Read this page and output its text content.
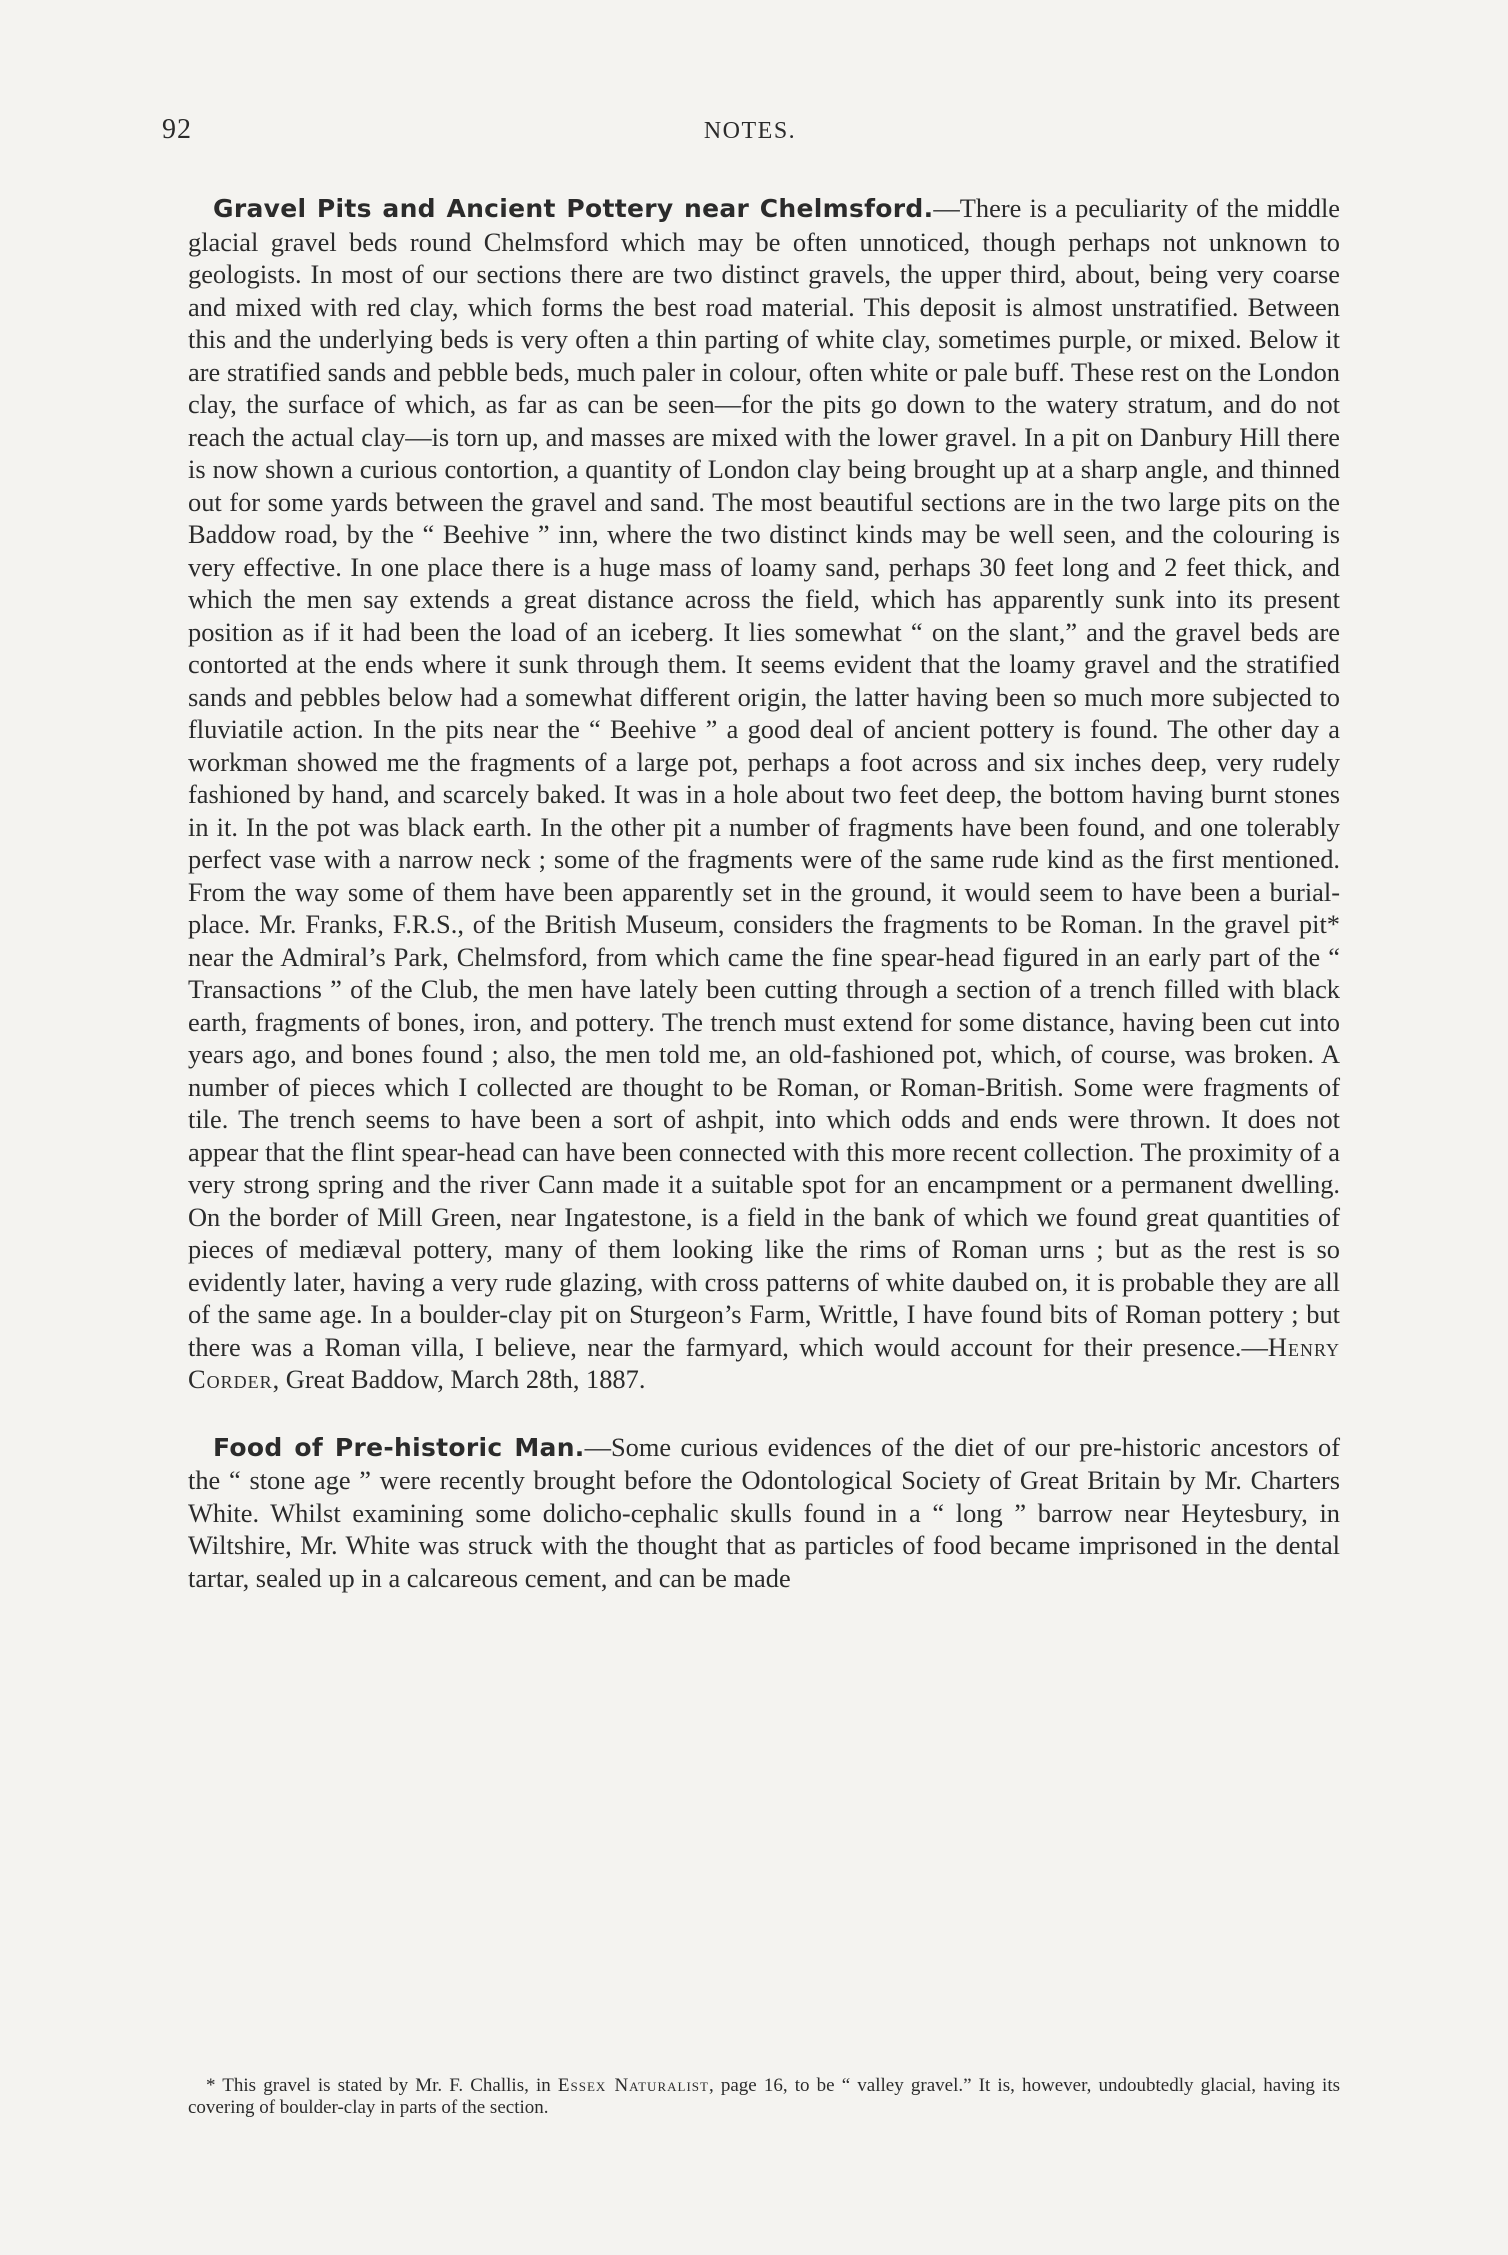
92	NOTES.

Gravel Pits and Ancient Pottery near Chelmsford.—There is a peculiarity of the middle glacial gravel beds round Chelmsford which may be often unnoticed, though perhaps not unknown to geologists. In most of our sections there are two distinct gravels, the upper third, about, being very coarse and mixed with red clay, which forms the best road material. This deposit is almost unstratified. Between this and the underlying beds is very often a thin parting of white clay, sometimes purple, or mixed. Below it are stratified sands and pebble beds, much paler in colour, often white or pale buff. These rest on the London clay, the surface of which, as far as can be seen—for the pits go down to the watery stratum, and do not reach the actual clay—is torn up, and masses are mixed with the lower gravel. In a pit on Danbury Hill there is now shown a curious contortion, a quantity of London clay being brought up at a sharp angle, and thinned out for some yards between the gravel and sand. The most beautiful sections are in the two large pits on the Baddow road, by the “ Beehive ” inn, where the two distinct kinds may be well seen, and the colouring is very effective. In one place there is a huge mass of loamy sand, perhaps 30 feet long and 2 feet thick, and which the men say extends a great distance across the field, which has apparently sunk into its present position as if it had been the load of an iceberg. It lies somewhat “ on the slant,” and the gravel beds are contorted at the ends where it sunk through them. It seems evident that the loamy gravel and the stratified sands and pebbles below had a somewhat different origin, the latter having been so much more subjected to fluviatile action. In the pits near the “ Beehive ” a good deal of ancient pottery is found. The other day a workman showed me the fragments of a large pot, perhaps a foot across and six inches deep, very rudely fashioned by hand, and scarcely baked. It was in a hole about two feet deep, the bottom having burnt stones in it. In the pot was black earth. In the other pit a number of fragments have been found, and one tolerably perfect vase with a narrow neck ; some of the fragments were of the same rude kind as the first mentioned. From the way some of them have been apparently set in the ground, it would seem to have been a burial-place. Mr. Franks, F.R.S., of the British Museum, considers the fragments to be Roman. In the gravel pit* near the Admiral’s Park, Chelmsford, from which came the fine spear-head figured in an early part of the “ Transactions ” of the Club, the men have lately been cutting through a section of a trench filled with black earth, fragments of bones, iron, and pottery. The trench must extend for some distance, having been cut into years ago, and bones found ; also, the men told me, an old-fashioned pot, which, of course, was broken. A number of pieces which I collected are thought to be Roman, or Roman-British. Some were fragments of tile. The trench seems to have been a sort of ashpit, into which odds and ends were thrown. It does not appear that the flint spear-head can have been connected with this more recent collection. The proximity of a very strong spring and the river Cann made it a suitable spot for an encampment or a permanent dwelling. On the border of Mill Green, near Ingatestone, is a field in the bank of which we found great quantities of pieces of mediæval pottery, many of them looking like the rims of Roman urns ; but as the rest is so evidently later, having a very rude glazing, with cross patterns of white daubed on, it is probable they are all of the same age. In a boulder-clay pit on Sturgeon’s Farm, Writtle, I have found bits of Roman pottery ; but there was a Roman villa, I believe, near the farmyard, which would account for their presence.—Henry Corder, Great Baddow, March 28th, 1887.

Food of Pre-historic Man.—Some curious evidences of the diet of our pre-historic ancestors of the “ stone age ” were recently brought before the Odontological Society of Great Britain by Mr. Charters White. Whilst examining some dolicho-cephalic skulls found in a “ long ” barrow near Heytesbury, in Wiltshire, Mr. White was struck with the thought that as particles of food became imprisoned in the dental tartar, sealed up in a calcareous cement, and can be made

* This gravel is stated by Mr. F. Challis, in Essex Naturalist, page 16, to be “ valley gravel.” It is, however, undoubtedly glacial, having its covering of boulder-clay in parts of the section.
